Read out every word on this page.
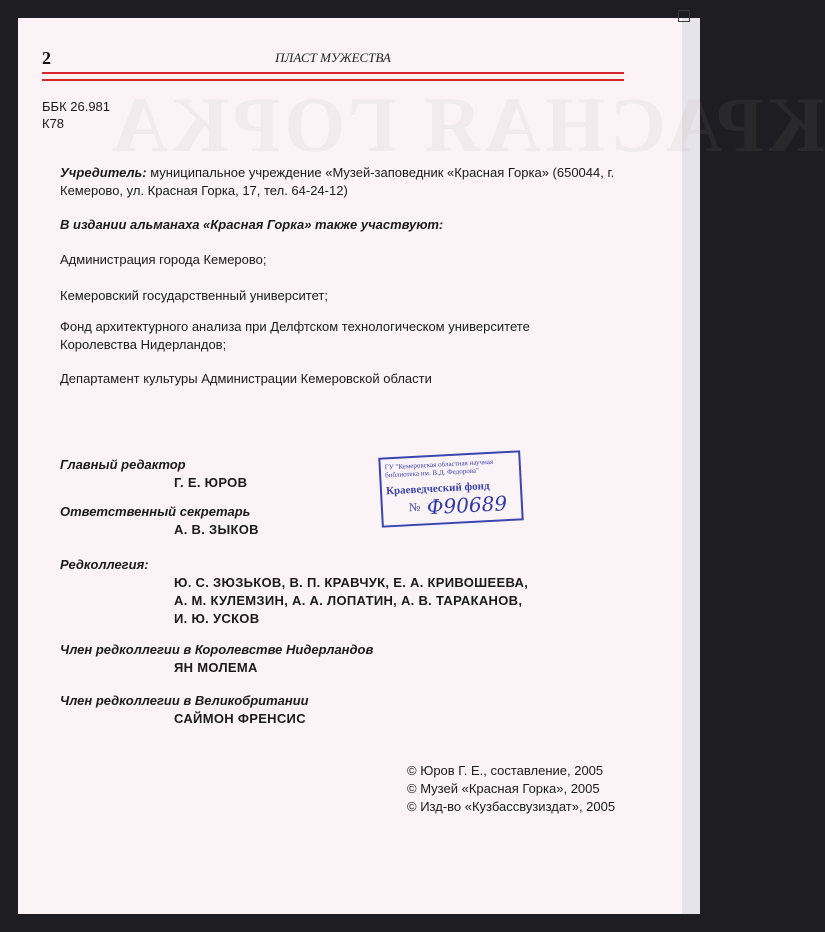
КРАСНАЯ ГОРКА
2	ПЛАСТ МУЖЕСТВА
ББК 26.981
К78
Учредитель: муниципальное учреждение «Музей-заповедник «Красная Горка» (650044, г. Кемерово, ул. Красная Горка, 17, тел. 64-24-12)
В издании альманаха «Красная Горка» также участвуют:
Администрация города Кемерово;
Кемеровский государственный университет;
Фонд архитектурного анализа при Делфтском технологическом университете Королевства Нидерландов;
Департамент культуры Администрации Кемеровской области
Главный редактор
Г. Е. ЮРОВ
Ответственный секретарь
А. В. ЗЫКОВ
Редколлегия:
Ю. С. ЗЮЗЬКОВ, В. П. КРАВЧУК, Е. А. КРИВОШЕЕВА,
А. М. КУЛЕМЗИН, А. А. ЛОПАТИН, А. В. ТАРАКАНОВ,
И. Ю. УСКОВ
Член редколлегии в Королевстве Нидерландов
ЯН МОЛЕМА
Член редколлегии в Великобритании
САЙМОН ФРЕНСИС
© Юров Г. Е., составление, 2005
© Музей «Красная Горка», 2005
© Изд-во «Кузбассвузиздат», 2005
ГУ "Кемеровская областная научная библиотека им. В.Д. Федорова"
Краеведческий фонд
№ Ф90689
